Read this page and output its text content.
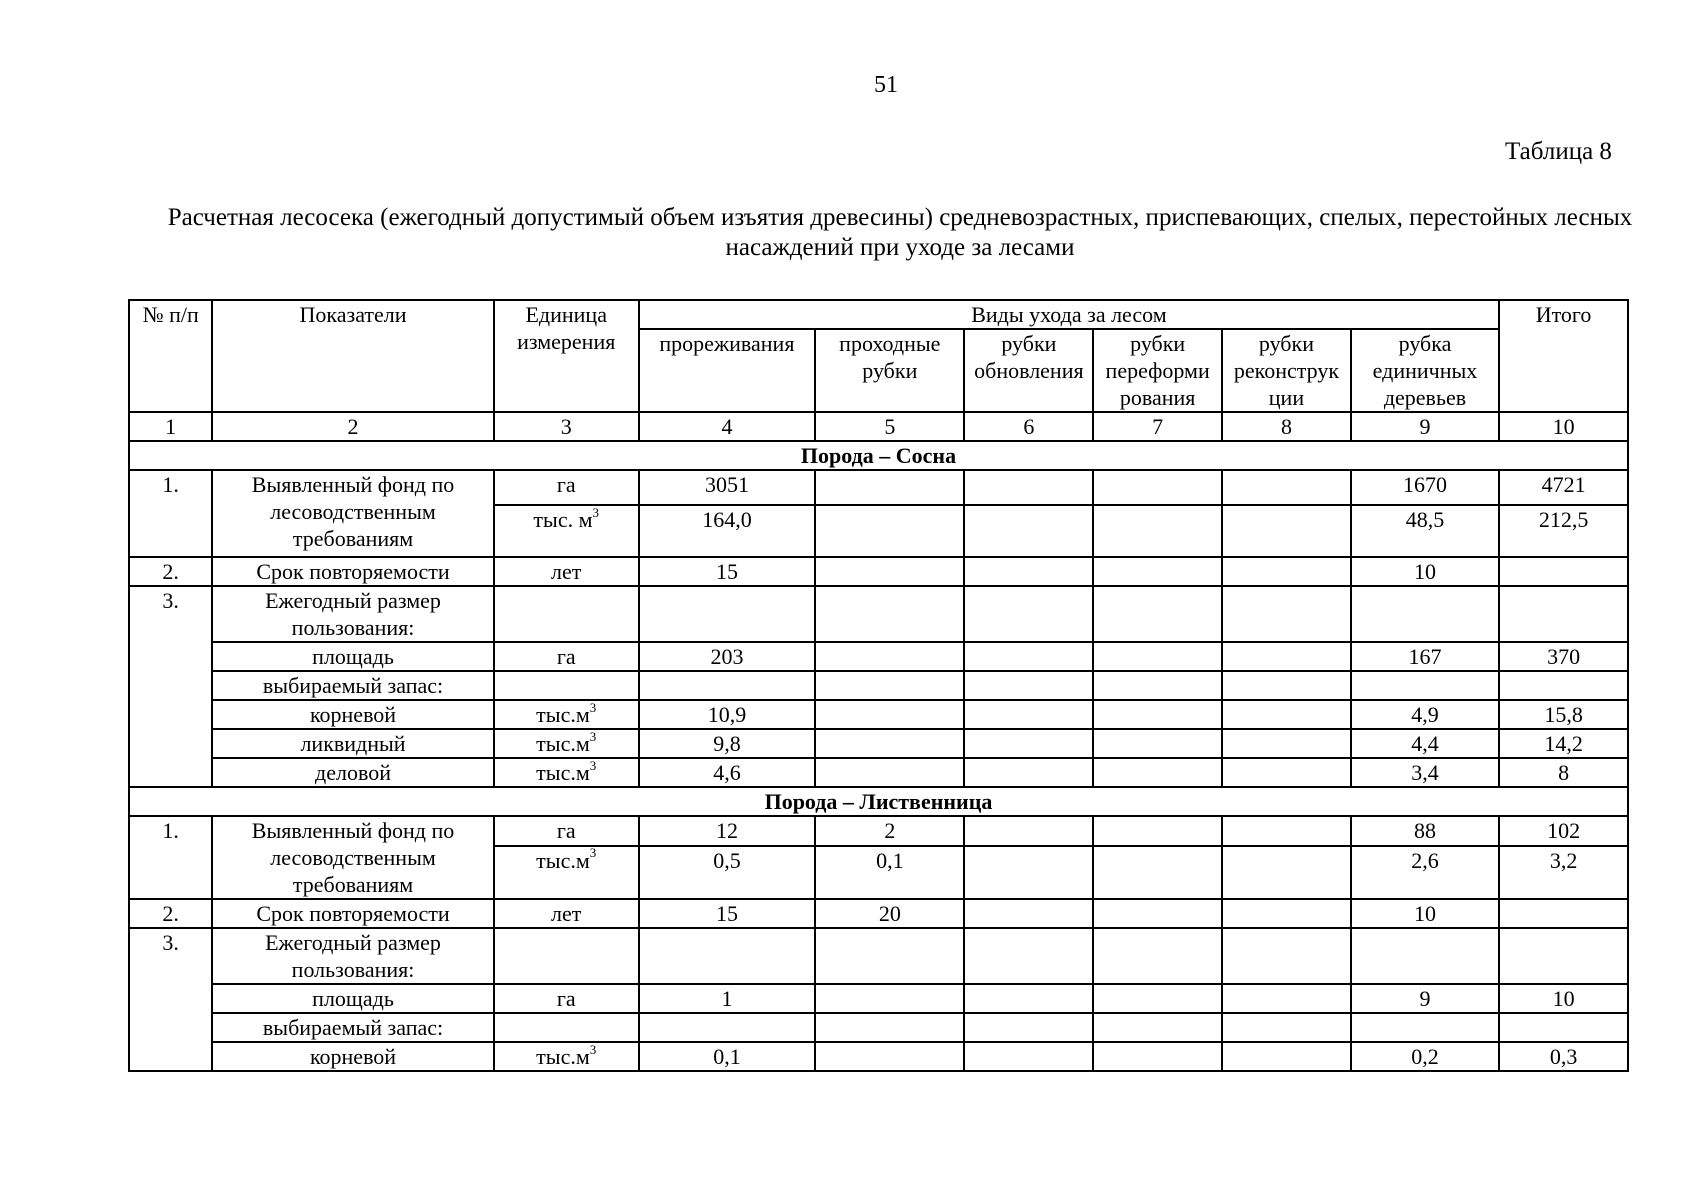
51
Таблица 8
Расчетная лесосека (ежегодный допустимый объем изъятия древесины) средневозрастных, приспевающих, спелых, перестойных лесных насаждений при уходе за лесами
№ п/п	Показатели	Единица измерения	Виды ухода за лесом						Итого
			прореживания	проходные рубки	рубки обновления	рубки переформи рования	рубки реконструк ции	рубка единичных деревьев	
1	2	3	4	5	6	7	8	9	10
Порода – Сосна									
1.	Выявленный фонд по лесоводственным требованиям	га	3051					1670	4721
		тыс. $м^3$	164,0					48,5	212,5
2.	Срок повторяемости	лет	15					10	
3.	Ежегодный размер пользования:								
	площадь	га	203					167	370
	выбираемый запас:								
	корневой	$тыс.м^3$	10,9					4,9	15,8
	ликвидный	$тыс.м^3$	9,8					4,4	14,2
	деловой	$тыс.м^3$	4,6					3,4	8
Порода – Лиственница									
1.	Выявленный фонд по лесоводственным требованиям	га	12	2				88	102
		$тыс.м^3$	0,5	0,1				2,6	3,2
2.	Срок повторяемости	лет	15	20				10	
3.	Ежегодный размер пользования:								
	площадь	га	1					9	10
	выбираемый запас:								
	корневой	$тыс.м^3$	0,1					0,2	0,3
